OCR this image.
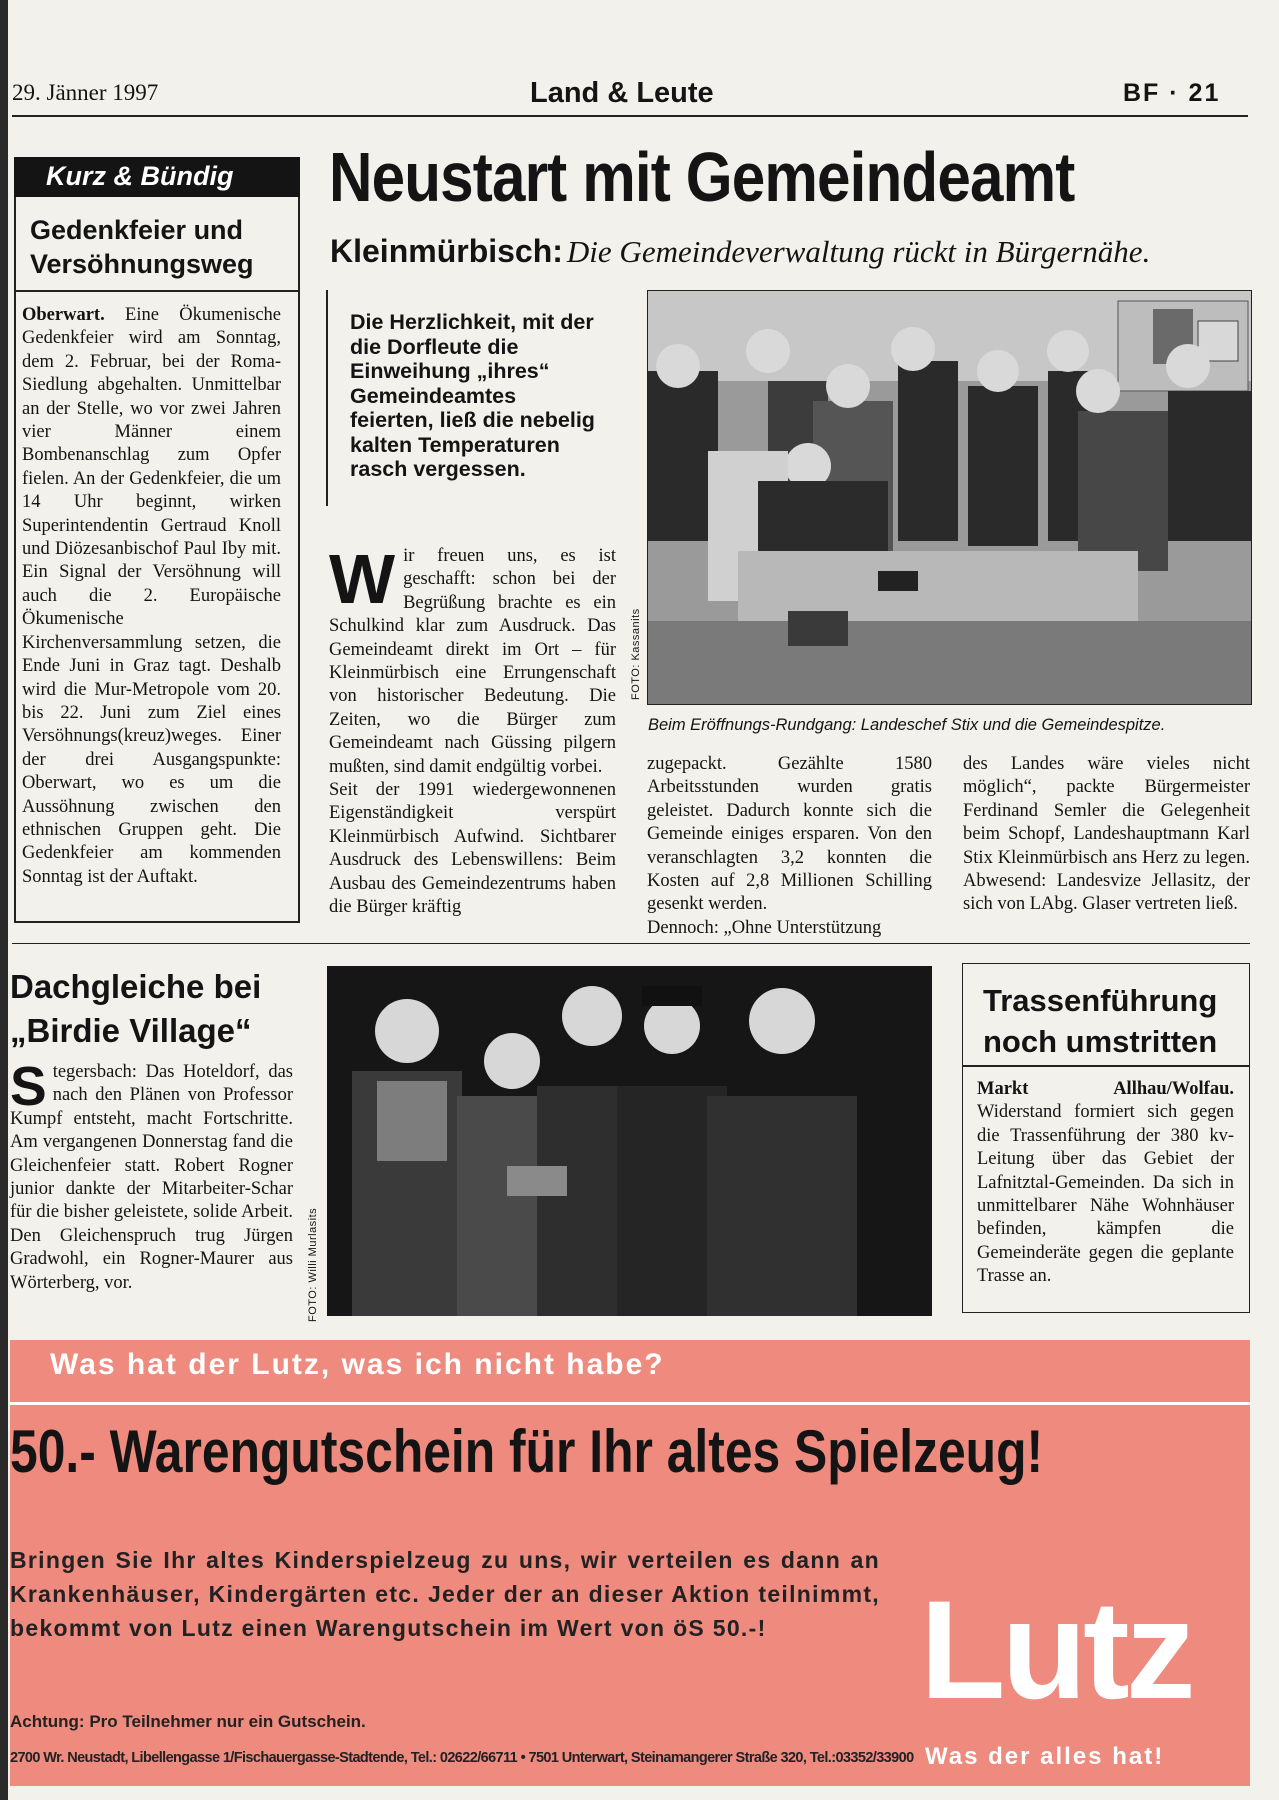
29. Jänner 1997	Land & Leute	BF · 21
Kurz & Bündig
Gedenkfeier und Versöhnungsweg

Oberwart. Eine Ökumenische Gedenkfeier wird am Sonntag, dem 2. Februar, bei der Roma-Siedlung abgehalten. Unmittelbar an der Stelle, wo vor zwei Jahren vier Männer einem Bombenanschlag zum Opfer fielen. An der Gedenkfeier, die um 14 Uhr beginnt, wirken Superintendentin Gertraud Knoll und Diözesanbischof Paul Iby mit. Ein Signal der Versöhnung will auch die 2. Europäische Ökumenische Kirchenversammlung setzen, die Ende Juni in Graz tagt. Deshalb wird die Mur-Metropole vom 20. bis 22. Juni zum Ziel eines Versöhnungs(kreuz)weges. Einer der drei Ausgangspunkte: Oberwart, wo es um die Aussöhnung zwischen den ethnischen Gruppen geht. Die Gedenkfeier am kommenden Sonntag ist der Auftakt.

Neustart mit Gemeindeamt
Kleinmürbisch: Die Gemeindeverwaltung rückt in Bürgernähe.
Die Herzlichkeit, mit der die Dorfleute die Einweihung „ihres“ Gemeindeamtes feierten, ließ die nebelig kalten Temperaturen rasch vergessen.

Wir freuen uns, es ist geschafft: schon bei der Begrüßung brachte es ein Schulkind klar zum Ausdruck. Das Gemeindeamt direkt im Ort – für Kleinmürbisch eine Errungenschaft von historischer Bedeutung. Die Zeiten, wo die Bürger zum Gemeindeamt nach Güssing pilgern mußten, sind damit endgültig vorbei.

Seit der 1991 wiedergewonnenen Eigenständigkeit verspürt Kleinmürbisch Aufwind. Sichtbarer Ausdruck des Lebenswillens: Beim Ausbau des Gemeindezentrums haben die Bürger kräftig

FOTO: Kassanits
Beim Eröffnungs-Rundgang: Landeschef Stix und die Gemeindespitze.

zugepackt. Gezählte 1580 Arbeitsstunden wurden gratis geleistet. Dadurch konnte sich die Gemeinde einiges ersparen. Von den veranschlagten 3,2 konnten die Kosten auf 2,8 Millionen Schilling gesenkt werden.

Dennoch: „Ohne Unterstützung

des Landes wäre vieles nicht möglich“, packte Bürgermeister Ferdinand Semler die Gelegenheit beim Schopf, Landeshauptmann Karl Stix Kleinmürbisch ans Herz zu legen. Abwesend: Landesvize Jellasitz, der sich von LAbg. Glaser vertreten ließ.

Dachgleiche bei „Birdie Village“

Stegersbach: Das Hoteldorf, das nach den Plänen von Professor Kumpf entsteht, macht Fortschritte. Am vergangenen Donnerstag fand die Gleichenfeier statt. Robert Rogner junior dankte der Mitarbeiter-Schar für die bisher geleistete, solide Arbeit. Den Gleichenspruch trug Jürgen Gradwohl, ein Rogner-Maurer aus Wörterberg, vor.	FOTO: Willi Murlasits
Trassenführung noch umstritten

Markt Allhau/Wolfau. Widerstand formiert sich gegen die Trassenführung der 380 kv-Leitung über das Gebiet der Lafnitztal-Gemeinden. Da sich in unmittelbarer Nähe Wohnhäuser befinden, kämpfen die Gemeinderäte gegen die geplante Trasse an.

Was hat der Lutz, was ich nicht habe?
50.- Warengutschein für Ihr altes Spielzeug!
Bringen Sie Ihr altes Kinderspielzeug zu uns, wir verteilen es dann an Krankenhäuser, Kindergärten etc. Jeder der an dieser Aktion teilnimmt, bekommt von Lutz einen Warengutschein im Wert von öS 50.-!
Achtung: Pro Teilnehmer nur ein Gutschein.
2700 Wr. Neustadt, Libellengasse 1/Fischauergasse-Stadtende, Tel.: 02622/66711 • 7501 Unterwart, Steinamangerer Straße 320, Tel.:03352/33900
Lutz
Was der alles hat!
